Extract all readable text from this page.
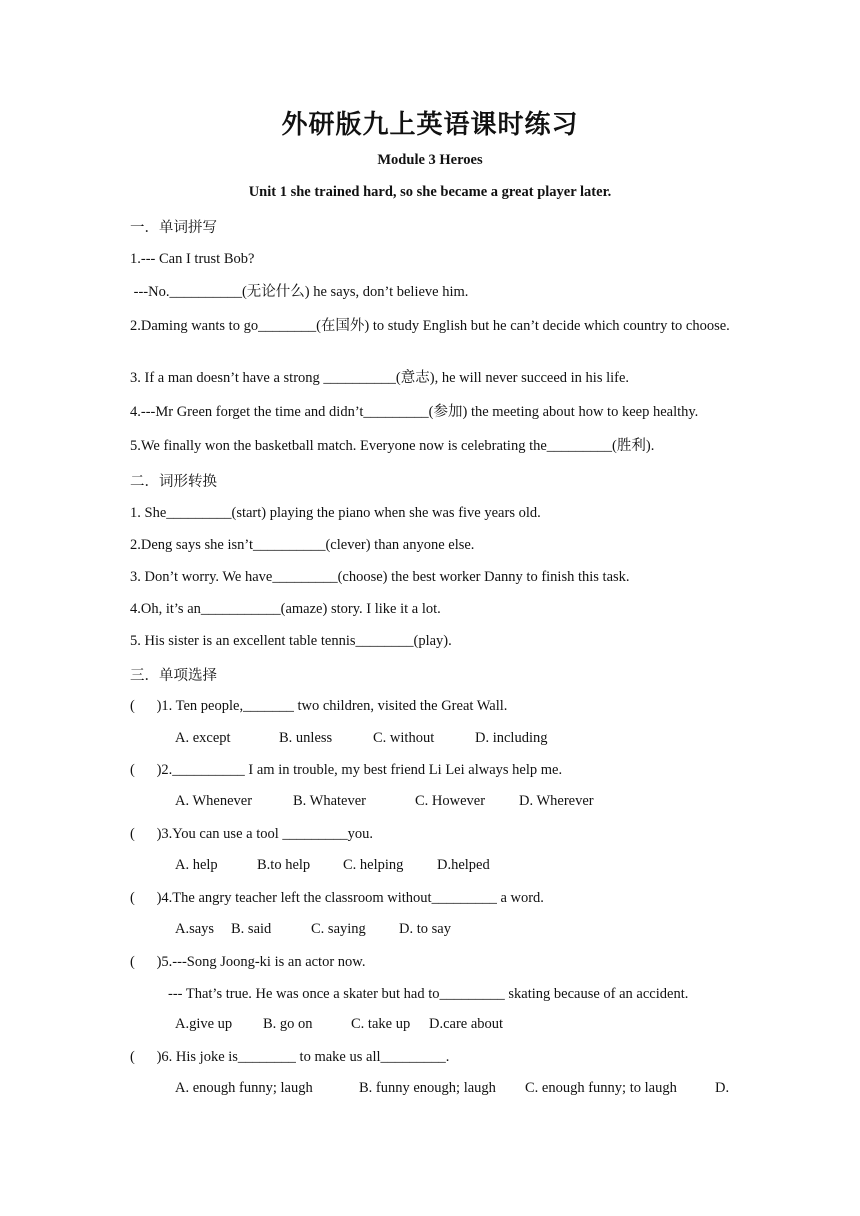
外研版九上英语课时练习
Module 3 Heroes
Unit 1 she trained hard, so she became a great player later.
一．单词拼写
1.--- Can I trust Bob?
---No.__________(无论什么) he says, don’t believe him.
2.Daming wants to go________(在国外) to study English but he can’t decide which country to choose.
3. If a man doesn’t have a strong __________(意志), he will never succeed in his life.
4.---Mr Green forget the time and didn’t_________(参加) the meeting about how to keep healthy.
5.We finally won the basketball match. Everyone now is celebrating the_________(胜利).
二．词形转换
1. She_________(start) playing the piano when she was five years old.
2.Deng says she isn’t__________(clever) than anyone else.
3. Don’t worry. We have_________(choose) the best worker Danny to finish this task.
4.Oh, it’s an___________(amaze) story. I like it a lot.
5. His sister is an excellent table tennis________(play).
三．单项选择
(      )1. Ten people,_______ two children, visited the Great Wall.
A. except	B. unless	C. without	D. including
(      )2.__________ I am in trouble, my best friend Li Lei always help me.
A. Whenever	B. Whatever	C. However D. Wherever
(      )3.You can use a tool _________you.
A. help	B.to help C. helping D.helped
(      )4.The angry teacher left the classroom without_________ a word.
A.says B. said	C. saying D. to say
(      )5.---Song Joong-ki is an actor now.
--- That’s true. He was once a skater but had to_________ skating because of an accident.
A.give up B. go on	C. take up D.care about
(      )6. His joke is________ to make us all_________.
A. enough funny; laugh	B. funny enough; laugh C. enough funny; to laugh	D.
